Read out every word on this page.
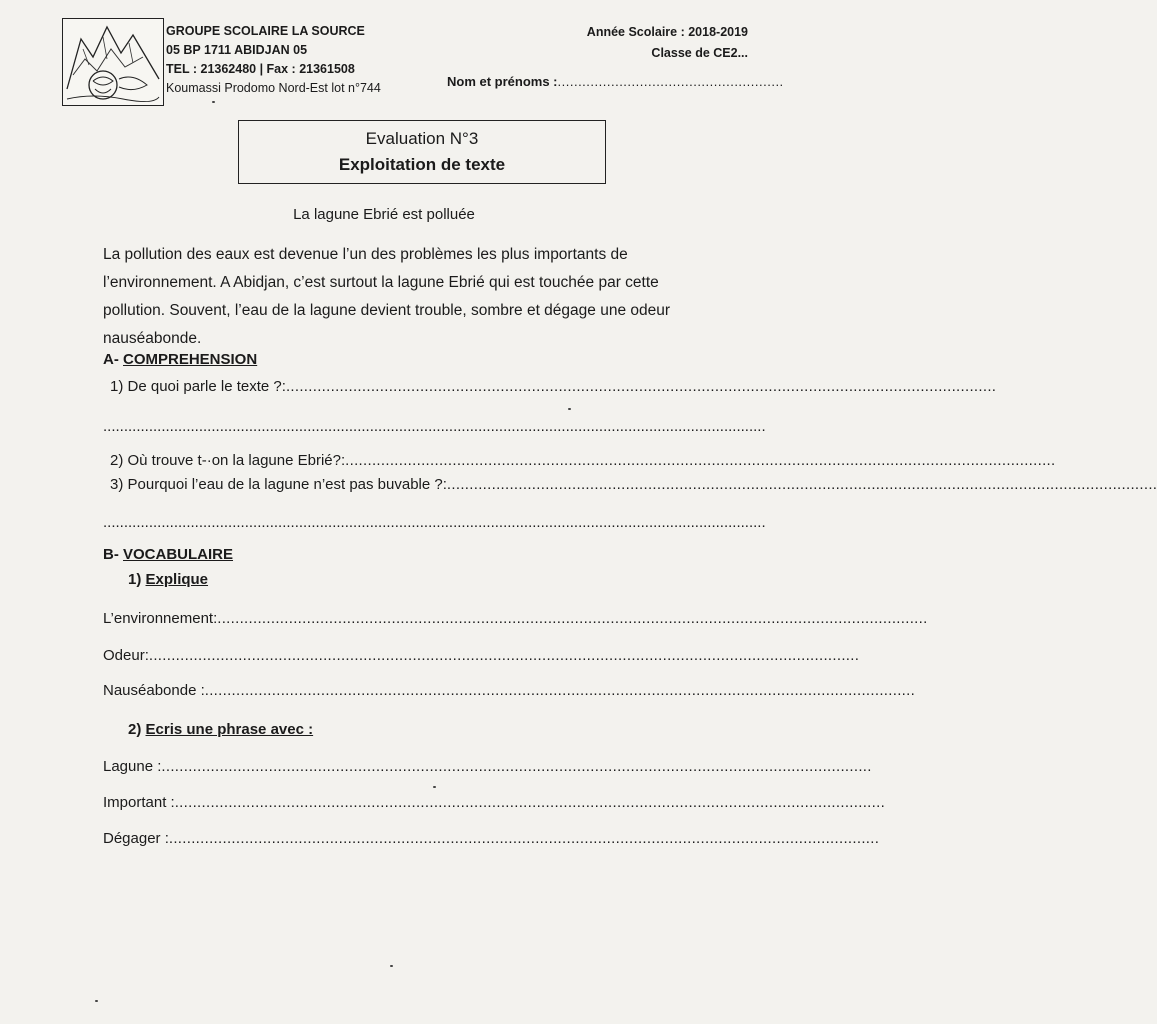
GROUPE SCOLAIRE LA SOURCE
05 BP 1711 ABIDJAN 05
TEL : 21362480 | Fax : 21361508
Koumassi Prodomo Nord-Est lot n°744
Année Scolaire : 2018-2019
Classe de CE2...
Nom et prénoms :.......................................................
Evaluation N°3
Exploitation de texte
La lagune Ebrié est polluée
La pollution des eaux est devenue l’un des problèmes les plus importants de l’environnement. A Abidjan, c’est surtout la lagune Ebrié qui est touchée par cette pollution. Souvent, l’eau de la lagune devient trouble, sombre et dégage une odeur nauséabonde.
A- COMPREHENSION
1) De quoi parle le texte ?:...............................................................................................................................................................
...............................................................................................................................................................
2) Où trouve t-·on la lagune Ebrié?:...............................................................................................................................................................
3) Pourquoi l’eau de la lagune n’est pas buvable ?:...............................................................................................................................................................
...............................................................................................................................................................
B- VOCABULAIRE
1) Explique
L’environnement:...............................................................................................................................................................
Odeur:...............................................................................................................................................................
Nauséabonde :...............................................................................................................................................................
2) Ecris une phrase avec :
Lagune :...............................................................................................................................................................
Important :...............................................................................................................................................................
Dégager :...............................................................................................................................................................
